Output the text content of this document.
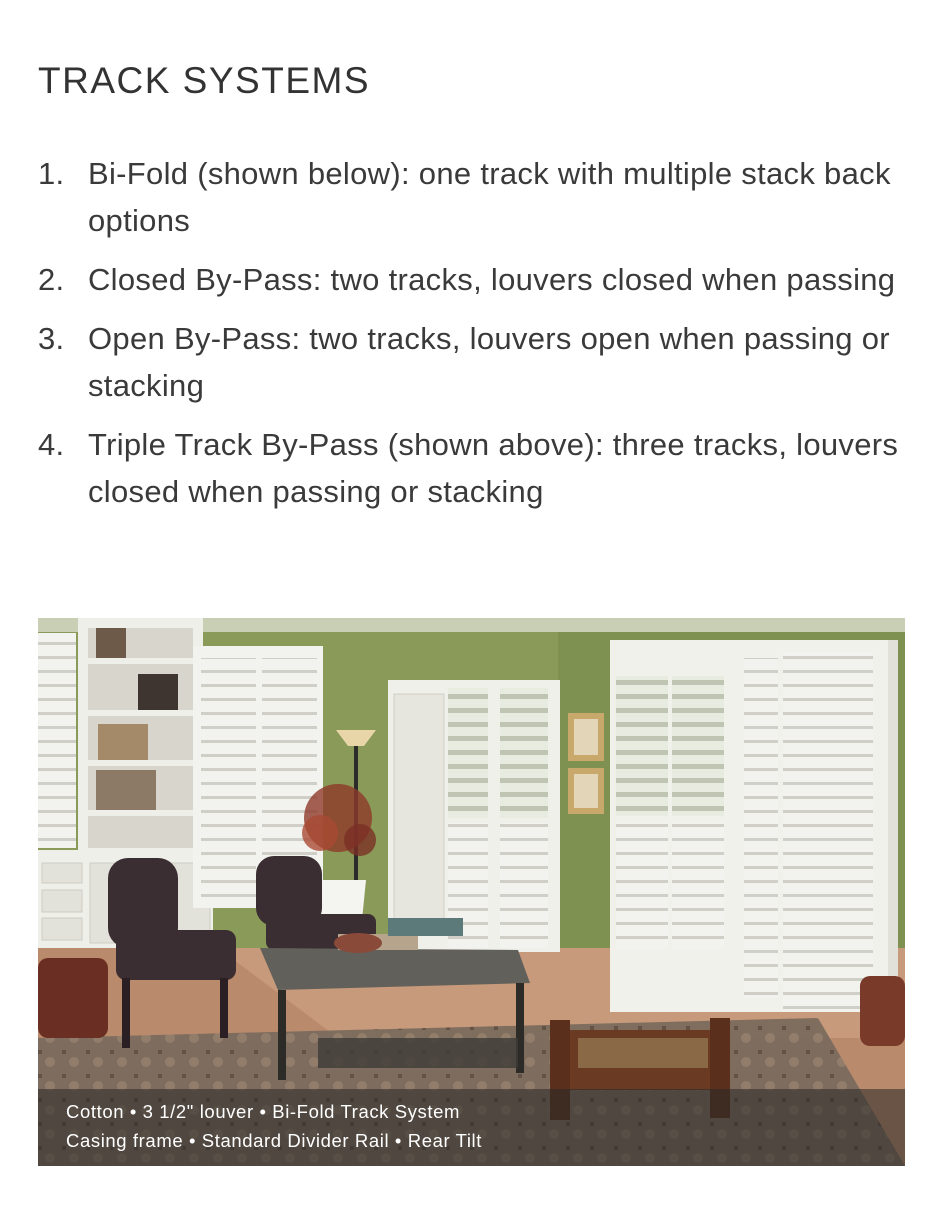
TRACK SYSTEMS
1. Bi-Fold (shown below): one track with multiple stack back options
2. Closed By-Pass: two tracks, louvers closed when passing
3. Open By-Pass: two tracks, louvers open when passing or stacking
4. Triple Track By-Pass (shown above): three tracks, louvers closed when passing or stacking
Cotton • 3 1/2" louver • Bi-Fold Track System
Casing frame • Standard Divider Rail • Rear Tilt
